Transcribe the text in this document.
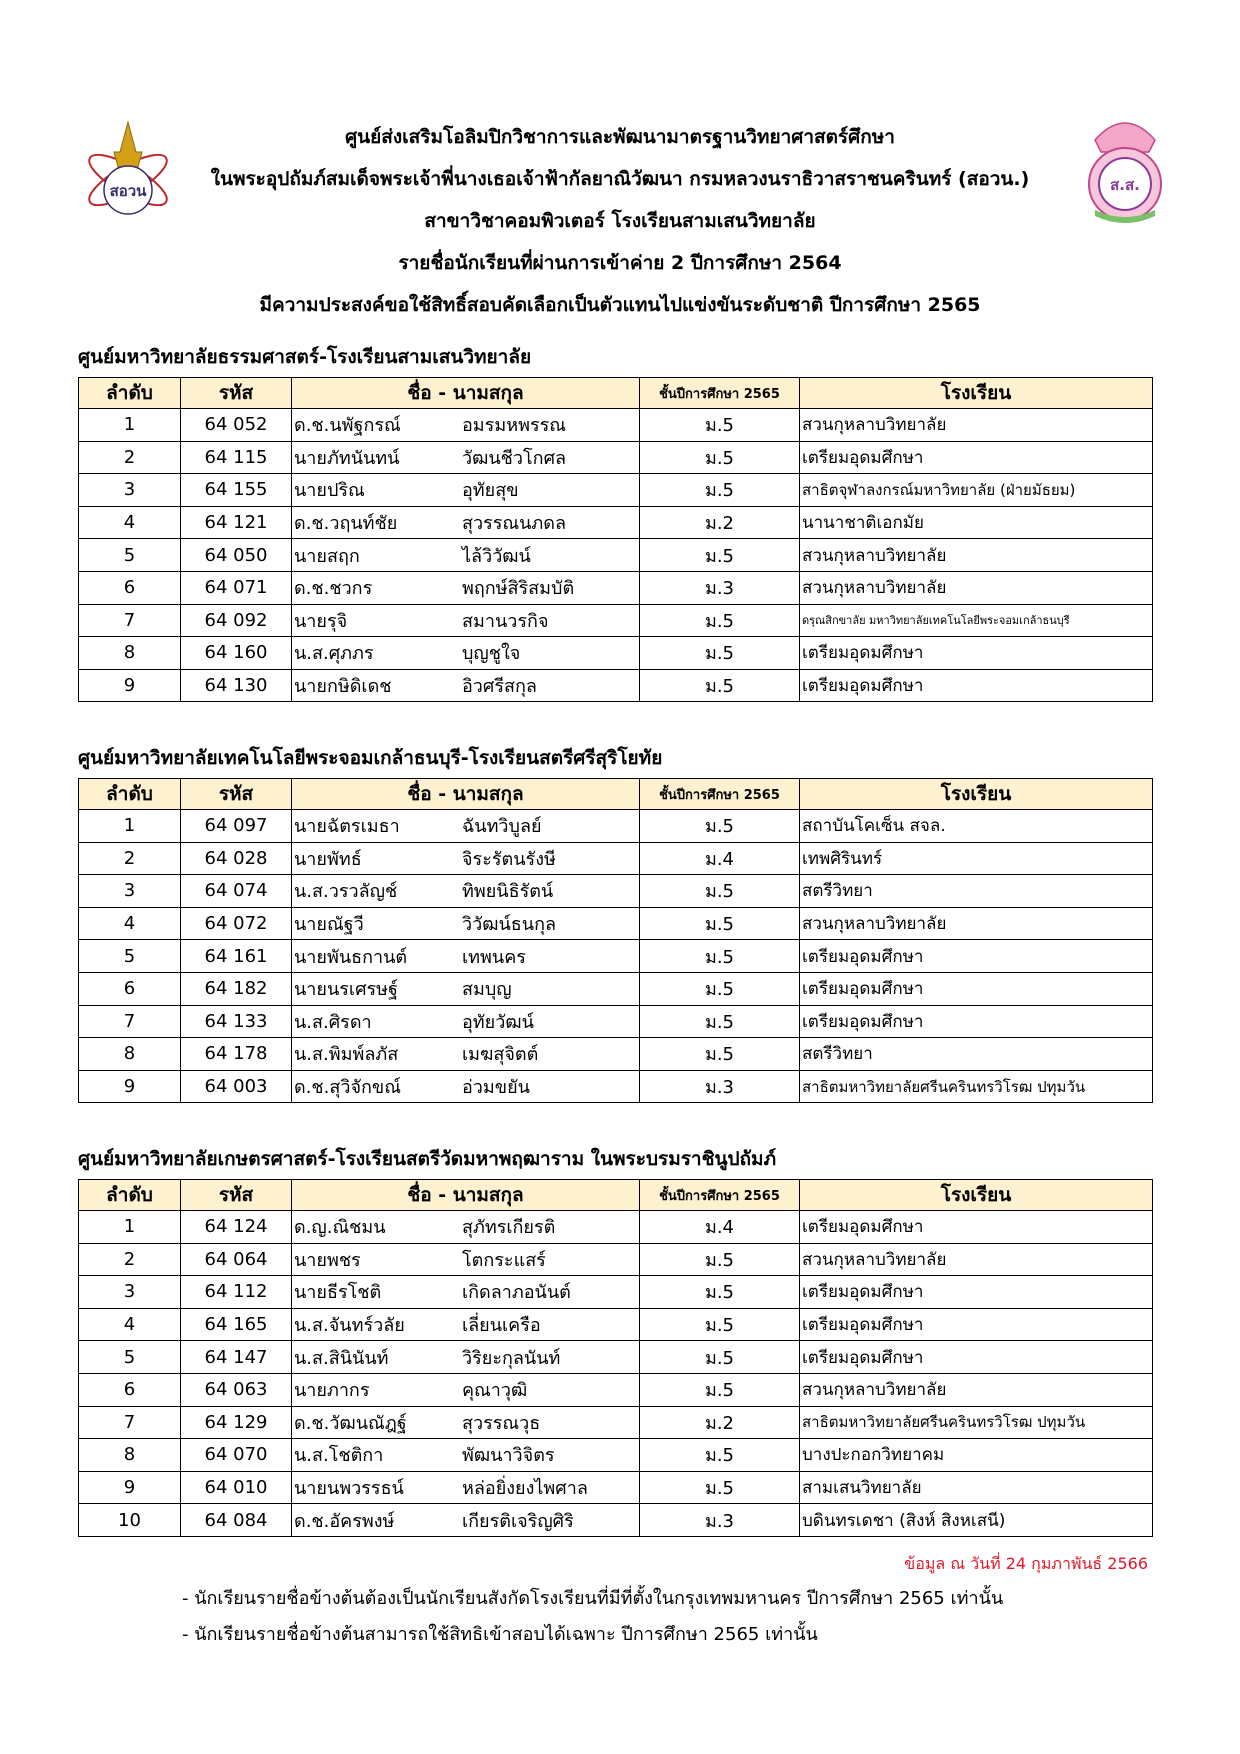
สอวน	ส.ส.
ศูนย์ส่งเสริมโอลิมปิกวิชาการและพัฒนามาตรฐานวิทยาศาสตร์ศึกษา
ในพระอุปถัมภ์สมเด็จพระเจ้าพี่นางเธอเจ้าฟ้ากัลยาณิวัฒนา กรมหลวงนราธิวาสราชนครินทร์ (สอวน.)
สาขาวิชาคอมพิวเตอร์ โรงเรียนสามเสนวิทยาลัย
รายชื่อนักเรียนที่ผ่านการเข้าค่าย 2 ปีการศึกษา 2564
มีความประสงค์ขอใช้สิทธิ์สอบคัดเลือกเป็นตัวแทนไปแข่งขันระดับชาติ ปีการศึกษา 2565
ศูนย์มหาวิทยาลัยธรรมศาสตร์-โรงเรียนสามเสนวิทยาลัย
ศูนย์มหาวิทยาลัยเทคโนโลยีพระจอมเกล้าธนบุรี-โรงเรียนสตรีศรีสุริโยทัย
ศูนย์มหาวิทยาลัยเกษตรศาสตร์-โรงเรียนสตรีวัดมหาพฤฒาราม ในพระบรมราชินูปถัมภ์
ลำดับ	รหัส	ชื่อ - นามสกุล	ชั้นปีการศึกษา 2565	โรงเรียน
1	64 052	ด.ช.นพัฐกรณ์ อมรมหพรรณ	ม.5	สวนกุหลาบวิทยาลัย
2	64 115	นายภัทนันทน์ วัฒนชีวโกศล	ม.5	เตรียมอุดมศึกษา
3	64 155	นายปริณ อุทัยสุข	ม.5	สาธิตจุฬาลงกรณ์มหาวิทยาลัย (ฝ่ายมัธยม)
4	64 121	ด.ช.วฤนท์ชัย สุวรรณนภดล	ม.2	นานาชาติเอกมัย
5	64 050	นายสฤก ไล้วิวัฒน์	ม.5	สวนกุหลาบวิทยาลัย
6	64 071	ด.ช.ชวกร พฤกษ์สิริสมบัติ	ม.3	สวนกุหลาบวิทยาลัย
7	64 092	นายรุจิ สมานวรกิจ	ม.5	ดรุณสิกขาลัย มหาวิทยาลัยเทคโนโลยีพระจอมเกล้าธนบุรี
8	64 160	น.ส.ศุภภร บุญชูใจ	ม.5	เตรียมอุดมศึกษา
9	64 130	นายกษิดิเดช อิวศรีสกุล	ม.5	เตรียมอุดมศึกษา
ลำดับ	รหัส	ชื่อ - นามสกุล	ชั้นปีการศึกษา 2565	โรงเรียน
1	64 097	นายฉัตรเมธา ฉันทวิบูลย์	ม.5	สถาบันโคเซ็น สจล.
2	64 028	นายพัทธ์ จิระรัตนรังษี	ม.4	เทพศิรินทร์
3	64 074	น.ส.วรวลัญช์ ทิพยนิธิรัตน์	ม.5	สตรีวิทยา
4	64 072	นายณัฐวี วิวัฒน์ธนกุล	ม.5	สวนกุหลาบวิทยาลัย
5	64 161	นายพันธกานต์ เทพนคร	ม.5	เตรียมอุดมศึกษา
6	64 182	นายนรเศรษฐ์ สมบุญ	ม.5	เตรียมอุดมศึกษา
7	64 133	น.ส.ศิรดา อุทัยวัฒน์	ม.5	เตรียมอุดมศึกษา
8	64 178	น.ส.พิมพ์ลภัส เมฆสุจิตต์	ม.5	สตรีวิทยา
9	64 003	ด.ช.สุวิจักขณ์ อ่วมขยัน	ม.3	สาธิตมหาวิทยาลัยศรีนครินทรวิโรฒ ปทุมวัน
ลำดับ	รหัส	ชื่อ - นามสกุล	ชั้นปีการศึกษา 2565	โรงเรียน
1	64 124	ด.ญ.ณิชมน สุภัทรเกียรติ	ม.4	เตรียมอุดมศึกษา
2	64 064	นายพชร โตกระแสร์	ม.5	สวนกุหลาบวิทยาลัย
3	64 112	นายธีรโชติ เกิดลาภอนันต์	ม.5	เตรียมอุดมศึกษา
4	64 165	น.ส.จันทร์วลัย เลี่ยนเครือ	ม.5	เตรียมอุดมศึกษา
5	64 147	น.ส.สินินันท์ วิริยะกุลนันท์	ม.5	เตรียมอุดมศึกษา
6	64 063	นายภากร คุณาวุฒิ	ม.5	สวนกุหลาบวิทยาลัย
7	64 129	ด.ช.วัฒนณัฎฐ์ สุวรรณวุธ	ม.2	สาธิตมหาวิทยาลัยศรีนครินทรวิโรฒ ปทุมวัน
8	64 070	น.ส.โชติกา พัฒนาวิจิตร	ม.5	บางปะกอกวิทยาคม
9	64 010	นายนพวรรธน์ หล่อยิ่งยงไพศาล	ม.5	สามเสนวิทยาลัย
10	64 084	ด.ช.อัครพงษ์ เกียรติเจริญศิริ	ม.3	บดินทรเดชา (สิงห์ สิงหเสนี)
ข้อมูล ณ วันที่ 24 กุมภาพันธ์ 2566
- นักเรียนรายชื่อข้างต้นต้องเป็นนักเรียนสังกัดโรงเรียนที่มีที่ตั้งในกรุงเทพมหานคร ปีการศึกษา 2565 เท่านั้น
- นักเรียนรายชื่อข้างต้นสามารถใช้สิทธิเข้าสอบได้เฉพาะ ปีการศึกษา 2565 เท่านั้น
